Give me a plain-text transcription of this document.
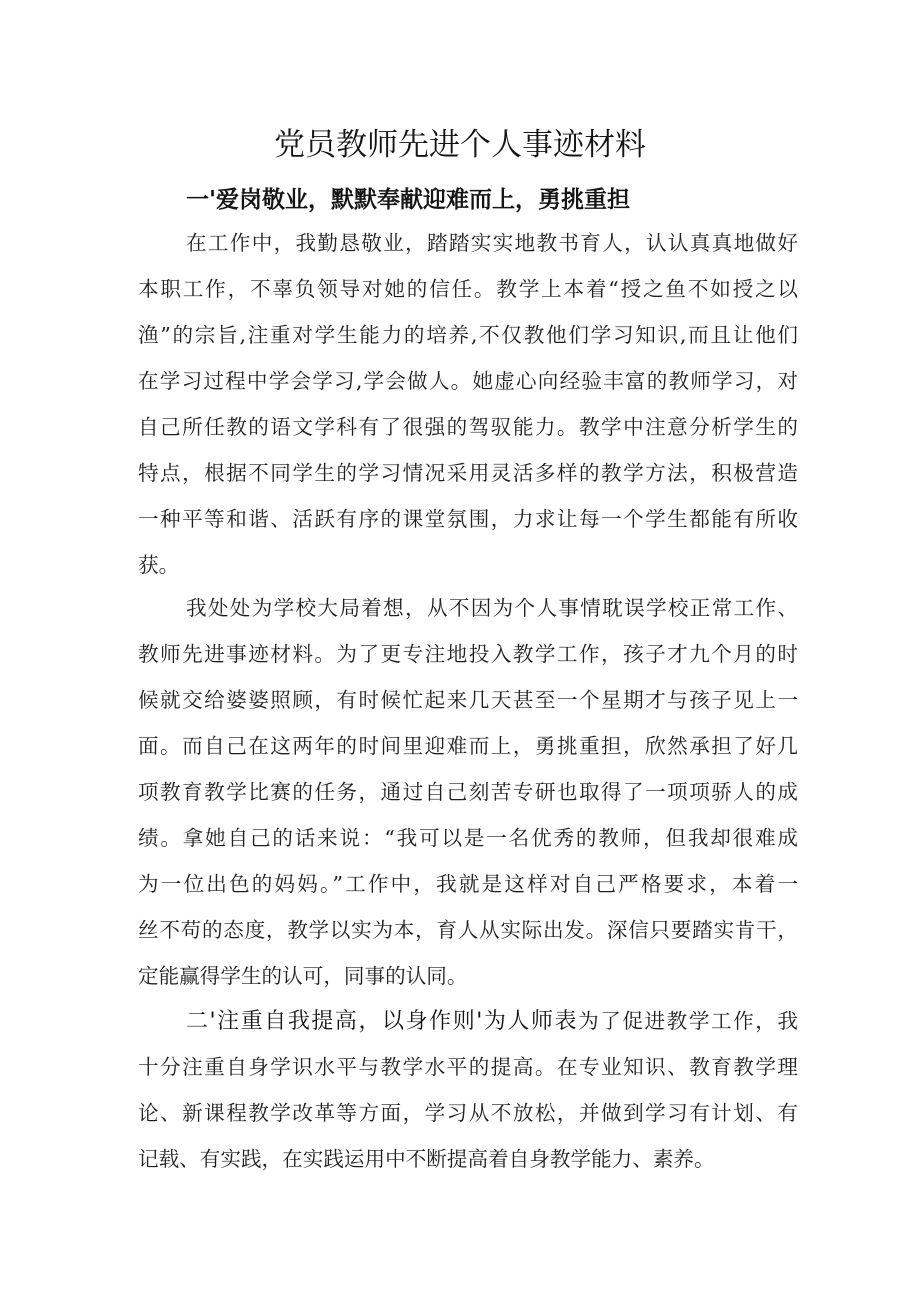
党员教师先进个人事迹材料
一'爱岗敬业，默默奉献迎难而上，勇挑重担

在工作中，我勤恳敬业，踏踏实实地教书育人，认认真真地做好

本职工作，不辜负领导对她的信任。教学上本着“授之鱼不如授之以

渔”的宗旨,注重对学生能力的培养,不仅教他们学习知识,而且让他们

在学习过程中学会学习,学会做人。她虚心向经验丰富的教师学习，对

自己所任教的语文学科有了很强的驾驭能力。教学中注意分析学生的

特点，根据不同学生的学习情况采用灵活多样的教学方法，积极营造

一种平等和谐、活跃有序的课堂氛围，力求让每一个学生都能有所收

获。

我处处为学校大局着想，从不因为个人事情耽误学校正常工作、

教师先进事迹材料。为了更专注地投入教学工作，孩子才九个月的时

候就交给婆婆照顾，有时候忙起来几天甚至一个星期才与孩子见上一

面。而自己在这两年的时间里迎难而上，勇挑重担，欣然承担了好几

项教育教学比赛的任务，通过自己刻苦专研也取得了一项项骄人的成

绩。拿她自己的话来说：“我可以是一名优秀的教师，但我却很难成

为一位出色的妈妈。”工作中，我就是这样对自己严格要求，本着一

丝不苟的态度，教学以实为本，育人从实际出发。深信只要踏实肯干，

定能赢得学生的认可，同事的认同。

二'注重自我提高，以身作则'为人师表为了促进教学工作，我

十分注重自身学识水平与教学水平的提高。在专业知识、教育教学理

论、新课程教学改革等方面，学习从不放松，并做到学习有计划、有

记载、有实践，在实践运用中不断提高着自身教学能力、素养。
